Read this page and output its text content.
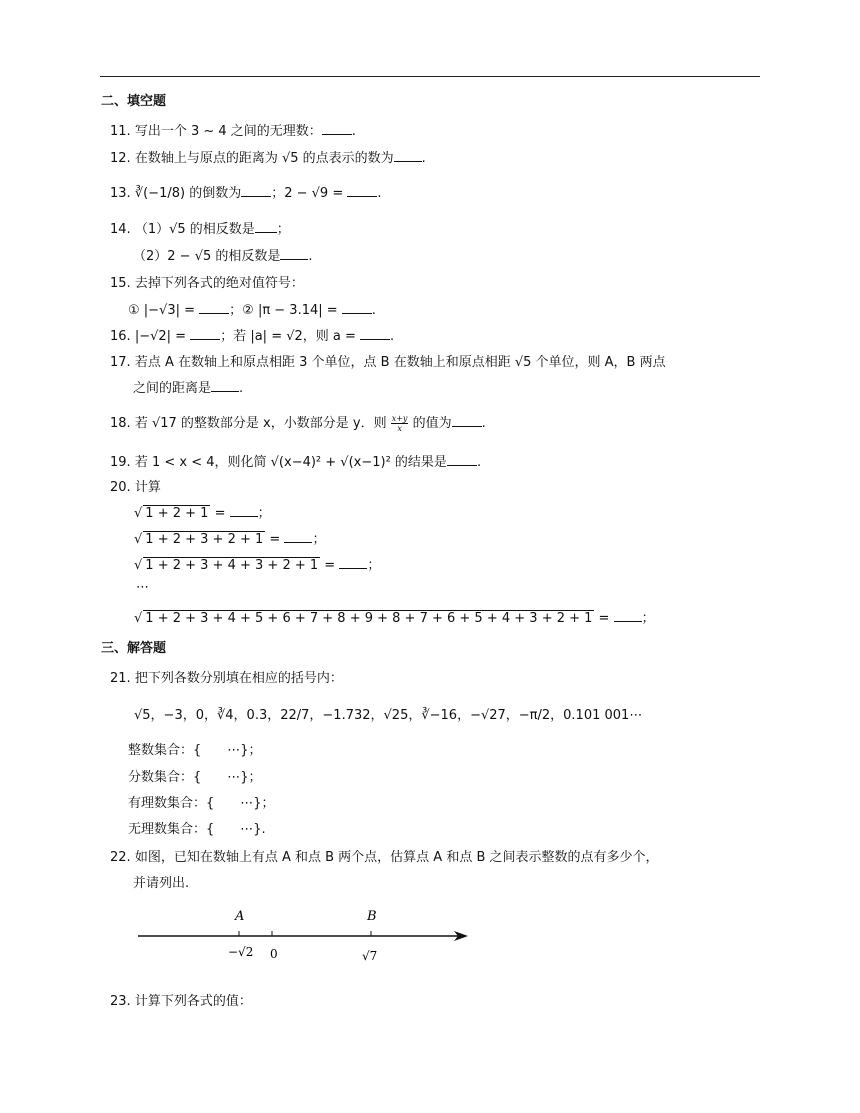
二、填空题
11. 写出一个 3 ~ 4 之间的无理数： .
12. 在数轴上与原点的距离为 √5 的点表示的数为 .
13. ∛(−1/8) 的倒数为 ；2 − √9 = .
14. （1）√5 的相反数是 ；
（2）2 − √5 的相反数是 .
15. 去掉下列各式的绝对值符号：
① |−√3| = ；② |π − 3.14| = .
16. |−√2| = ；若 |a| = √2，则 a = .
17. 若点 A 在数轴上和原点相距 3 个单位，点 B 在数轴上和原点相距 √5 个单位，则 A，B 两点
之间的距离是 .
18. 若 √17 的整数部分是 x，小数部分是 y．则 $\frac{x+y}{x}$ 的值为 .
19. 若 1 < x < 4，则化简 √(x−4)² + √(x−1)² 的结果是 .
20. 计算
√ 1 + 2 + 1 = ；
√ 1 + 2 + 3 + 2 + 1 = ；
√ 1 + 2 + 3 + 4 + 3 + 2 + 1 = ；
⋯
√ 1 + 2 + 3 + 4 + 5 + 6 + 7 + 8 + 9 + 8 + 7 + 6 + 5 + 4 + 3 + 2 + 1 = ；
三、解答题
21. 把下列各数分别填在相应的括号内：
√5，−3，0，∛4，0.3，22/7，−1.732，√25，∛−16，−√27，−π/2，0.101 001⋯
整数集合：{　　⋯}；
分数集合：{　　⋯}；
有理数集合：{　　⋯}；
无理数集合：{　　⋯}.
22. 如图，已知在数轴上有点 A 和点 B 两个点，估算点 A 和点 B 之间表示整数的点有多少个，
并请列出.
A	B
−√2 0	√7
23. 计算下列各式的值：
